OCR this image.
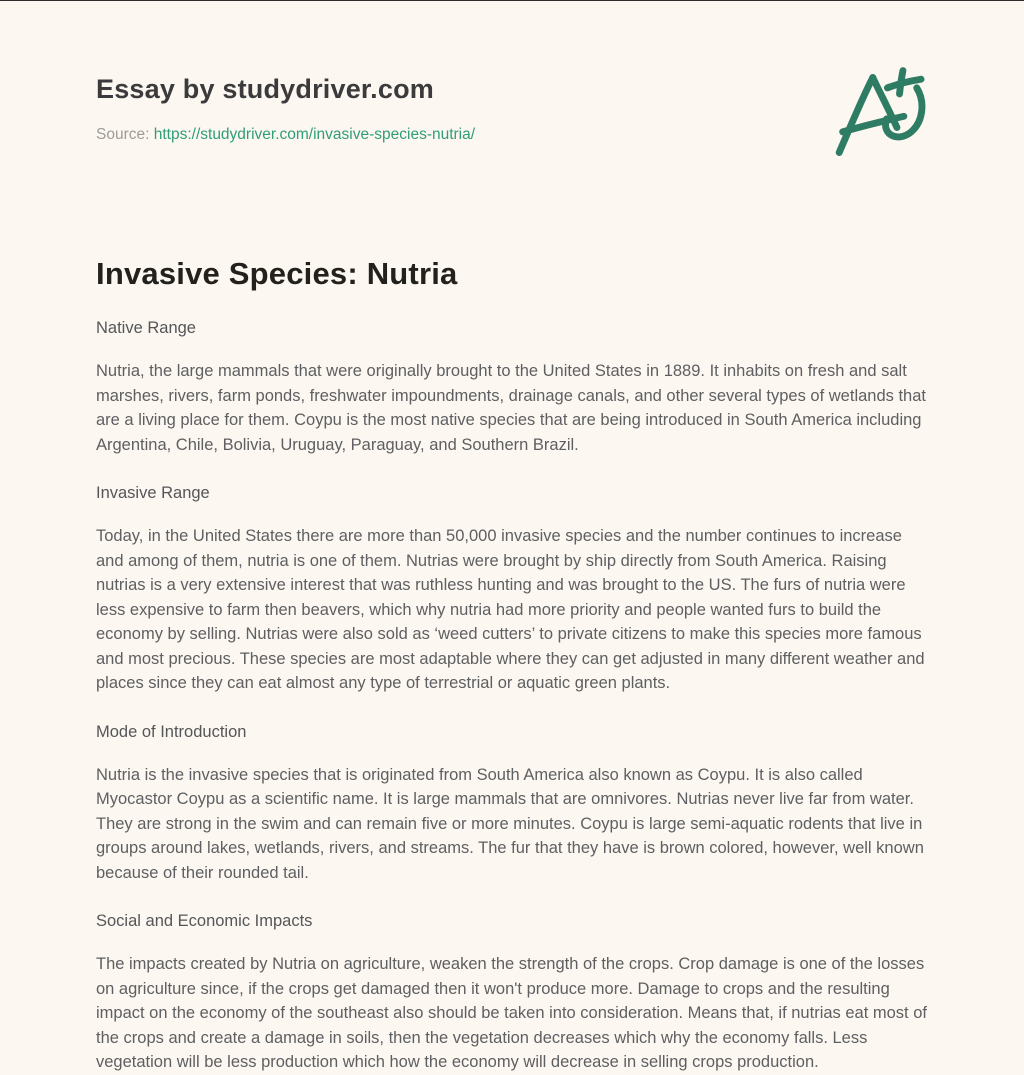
Essay by studydriver.com
Source: https://studydriver.com/invasive-species-nutria/
Invasive Species: Nutria
Native Range

Nutria, the large mammals that were originally brought to the United States in 1889. It inhabits on fresh and salt marshes, rivers, farm ponds, freshwater impoundments, drainage canals, and other several types of wetlands that are a living place for them. Coypu is the most native species that are being introduced in South America including Argentina, Chile, Bolivia, Uruguay, Paraguay, and Southern Brazil.

Invasive Range

Today, in the United States there are more than 50,000 invasive species and the number continues to increase and among of them, nutria is one of them. Nutrias were brought by ship directly from South America. Raising nutrias is a very extensive interest that was ruthless hunting and was brought to the US. The furs of nutria were less expensive to farm then beavers, which why nutria had more priority and people wanted furs to build the economy by selling. Nutrias were also sold as ‘weed cutters’ to private citizens to make this species more famous and most precious. These species are most adaptable where they can get adjusted in many different weather and places since they can eat almost any type of terrestrial or aquatic green plants.

Mode of Introduction

Nutria is the invasive species that is originated from South America also known as Coypu. It is also called Myocastor Coypu as a scientific name. It is large mammals that are omnivores. Nutrias never live far from water. They are strong in the swim and can remain five or more minutes. Coypu is large semi-aquatic rodents that live in groups around lakes, wetlands, rivers, and streams. The fur that they have is brown colored, however, well known because of their rounded tail.

Social and Economic Impacts

The impacts created by Nutria on agriculture, weaken the strength of the crops. Crop damage is one of the losses on agriculture since, if the crops get damaged then it won't produce more. Damage to crops and the resulting impact on the economy of the southeast also should be taken into consideration. Means that, if nutrias eat most of the crops and create a damage in soils, then the vegetation decreases which why the economy falls. Less vegetation will be less production which how the economy will decrease in selling crops production.
